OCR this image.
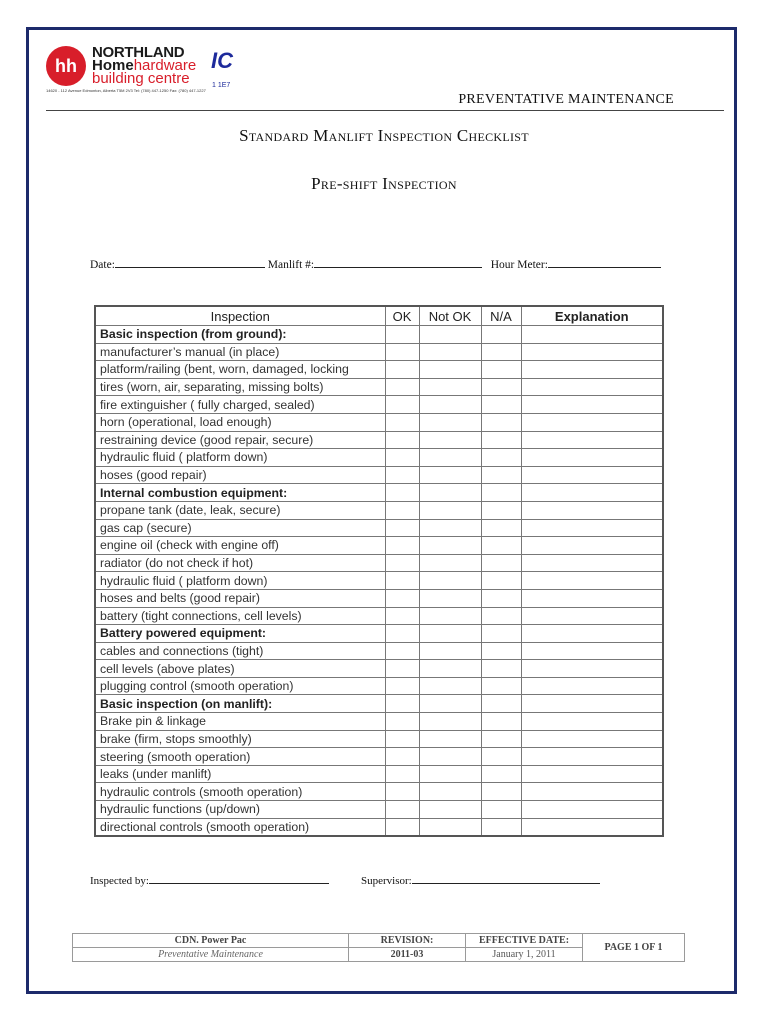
hh
NORTHLAND
Homehardware
building centre
IC
1 1E7
14620 - 112 Avenue Edmonton, Alberta T5M 2V3 Tel: (780) 447-1250 Fax: (780) 447-1227
PREVENTATIVE MAINTENANCE
Standard Manlift Inspection Checklist
Pre-shift Inspection
Date:	Manlift #:	Hour Meter:
Inspection	OK	Not OK	N/A	Explanation
Basic inspection (from ground):				
manufacturer’s manual (in place)				
platform/railing (bent, worn, damaged, locking				
tires (worn, air, separating, missing bolts)				
fire extinguisher ( fully charged, sealed)				
horn (operational, load enough)				
restraining device (good repair, secure)				
hydraulic fluid ( platform down)				
hoses (good repair)				
Internal combustion equipment:				
propane tank (date, leak, secure)				
gas cap (secure)				
engine oil (check with engine off)				
radiator (do not check if hot)				
hydraulic fluid ( platform down)				
hoses and belts (good repair)				
battery (tight connections, cell levels)				
Battery powered equipment:				
cables and connections (tight)				
cell levels (above plates)				
plugging control (smooth operation)				
Basic inspection (on manlift):				
Brake pin & linkage				
brake (firm, stops smoothly)				
steering (smooth operation)				
leaks (under manlift)				
hydraulic controls (smooth operation)				
hydraulic functions (up/down)				
directional controls (smooth operation)				
Inspected by:	Supervisor:
CDN. Power Pac	REVISION:	EFFECTIVE DATE:	PAGE 1 OF 1
Preventative Maintenance	2011-03	January 1, 2011	
